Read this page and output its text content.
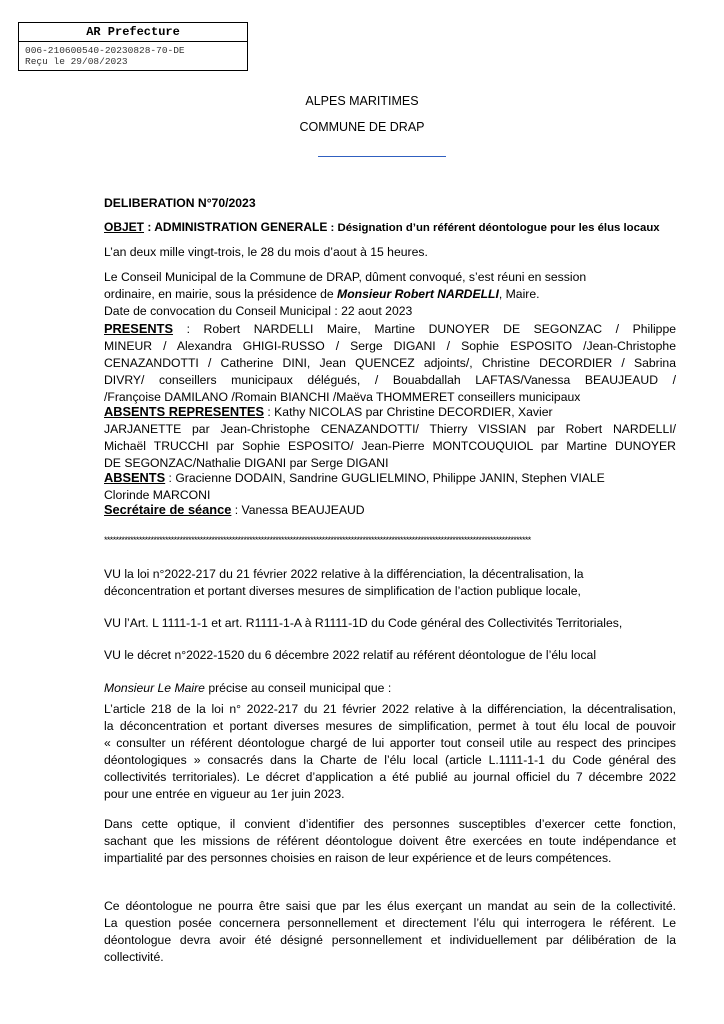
AR Prefecture
006-210600540-20230828-70-DE
Reçu le 29/08/2023
ALPES MARITIMES
COMMUNE DE DRAP
DELIBERATION N°70/2023
OBJET : ADMINISTRATION GENERALE : Désignation d’un référent déontologue pour les élus locaux
L’an deux mille vingt-trois, le 28 du mois d’aout à 15 heures.
Le Conseil Municipal de la Commune de DRAP, dûment convoqué, s’est réuni en session
ordinaire, en mairie, sous la présidence de Monsieur Robert NARDELLI, Maire.
Date de convocation du Conseil Municipal : 22 aout 2023
PRESENTS : Robert NARDELLI Maire, Martine DUNOYER DE SEGONZAC / Philippe
MINEUR / Alexandra GHIGI-RUSSO / Serge DIGANI / Sophie ESPOSITO /Jean-Christophe
CENAZANDOTTI / Catherine DINI, Jean QUENCEZ adjoints/, Christine DECORDIER / Sabrina
DIVRY/ conseillers municipaux délégués, / Bouabdallah LAFTAS/Vanessa BEAUJEAUD /
/Françoise DAMILANO /Romain BIANCHI /Maëva THOMMERET conseillers municipaux
ABSENTS REPRESENTES : Kathy NICOLAS par Christine DECORDIER, Xavier
JARJANETTE par Jean-Christophe CENAZANDOTTI/ Thierry VISSIAN par Robert NARDELLI/
Michaël TRUCCHI par Sophie ESPOSITO/ Jean-Pierre MONTCOUQUIOL par Martine DUNOYER
DE SEGONZAC/Nathalie DIGANI par Serge DIGANI
ABSENTS : Gracienne DODAIN, Sandrine GUGLIELMINO, Philippe JANIN, Stephen VIALE
Clorinde MARCONI
Secrétaire de séance : Vanessa BEAUJEAUD
***************************************************************************************************************************************************
VU la loi n°2022-217 du 21 février 2022 relative à la différenciation, la décentralisation, la
déconcentration et portant diverses mesures de simplification de l’action publique locale,
VU l’Art. L 1111-1-1 et art. R1111-1-A à R1111-1D du Code général des Collectivités Territoriales,
VU le décret n°2022-1520 du 6 décembre 2022 relatif au référent déontologue de l’élu local
Monsieur Le Maire précise au conseil municipal que :
L’article 218 de la loi n° 2022-217 du 21 février 2022 relative à la différenciation, la décentralisation,
la déconcentration et portant diverses mesures de simplification, permet à tout élu local de pouvoir
« consulter un référent déontologue chargé de lui apporter tout conseil utile au respect des principes
déontologiques » consacrés dans la Charte de l’élu local (article L.1111-1-1 du Code général des
collectivités territoriales). Le décret d’application a été publié au journal officiel du 7 décembre 2022
pour une entrée en vigueur au 1er juin 2023.
Dans cette optique, il convient d’identifier des personnes susceptibles d’exercer cette fonction,
sachant que les missions de référent déontologue doivent être exercées en toute indépendance et
impartialité par des personnes choisies en raison de leur expérience et de leurs compétences.
Ce déontologue ne pourra être saisi que par les élus exerçant un mandat au sein de la collectivité.
La question posée concernera personnellement et directement l’élu qui interrogera le référent. Le
déontologue devra avoir été désigné personnellement et individuellement par délibération de la
collectivité.
